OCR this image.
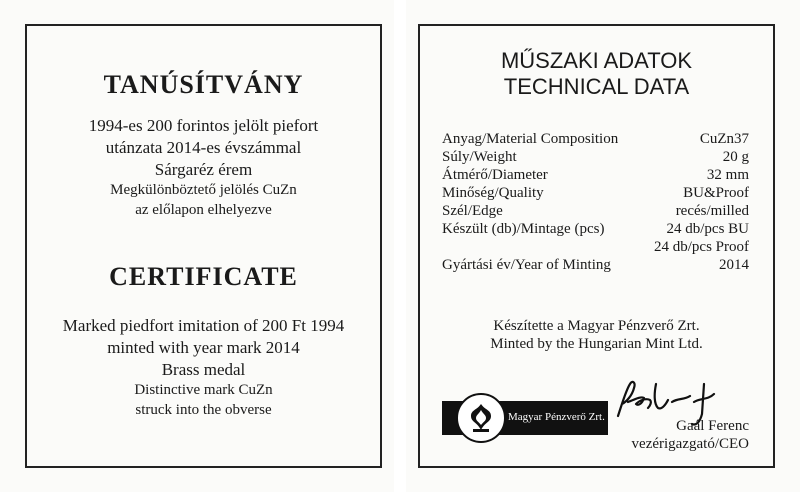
TANÚSÍTVÁNY
1994-es 200 forintos jelölt piefort
utánzata 2014-es évszámmal
Sárgaréz érem
Megkülönböztető jelölés CuZn
az előlapon elhelyezve
CERTIFICATE
Marked piedfort imitation of 200 Ft 1994
minted with year mark 2014
Brass medal
Distinctive mark CuZn
struck into the obverse
MŰSZAKI ADATOK
TECHNICAL DATA
Anyag/Material Composition	CuZn37
Súly/Weight	20 g
Átmérő/Diameter	32 mm
Minőség/Quality	BU&Proof
Szél/Edge	recés/milled
Készült (db)/Mintage (pcs)	24 db/pcs BU
24 db/pcs Proof
Gyártási év/Year of Minting	2014
Készítette a Magyar Pénzverő Zrt.
Minted by the Hungarian Mint Ltd.
Magyar Pénzverő Zrt.
Gaál Ferenc
vezérigazgató/CEO
